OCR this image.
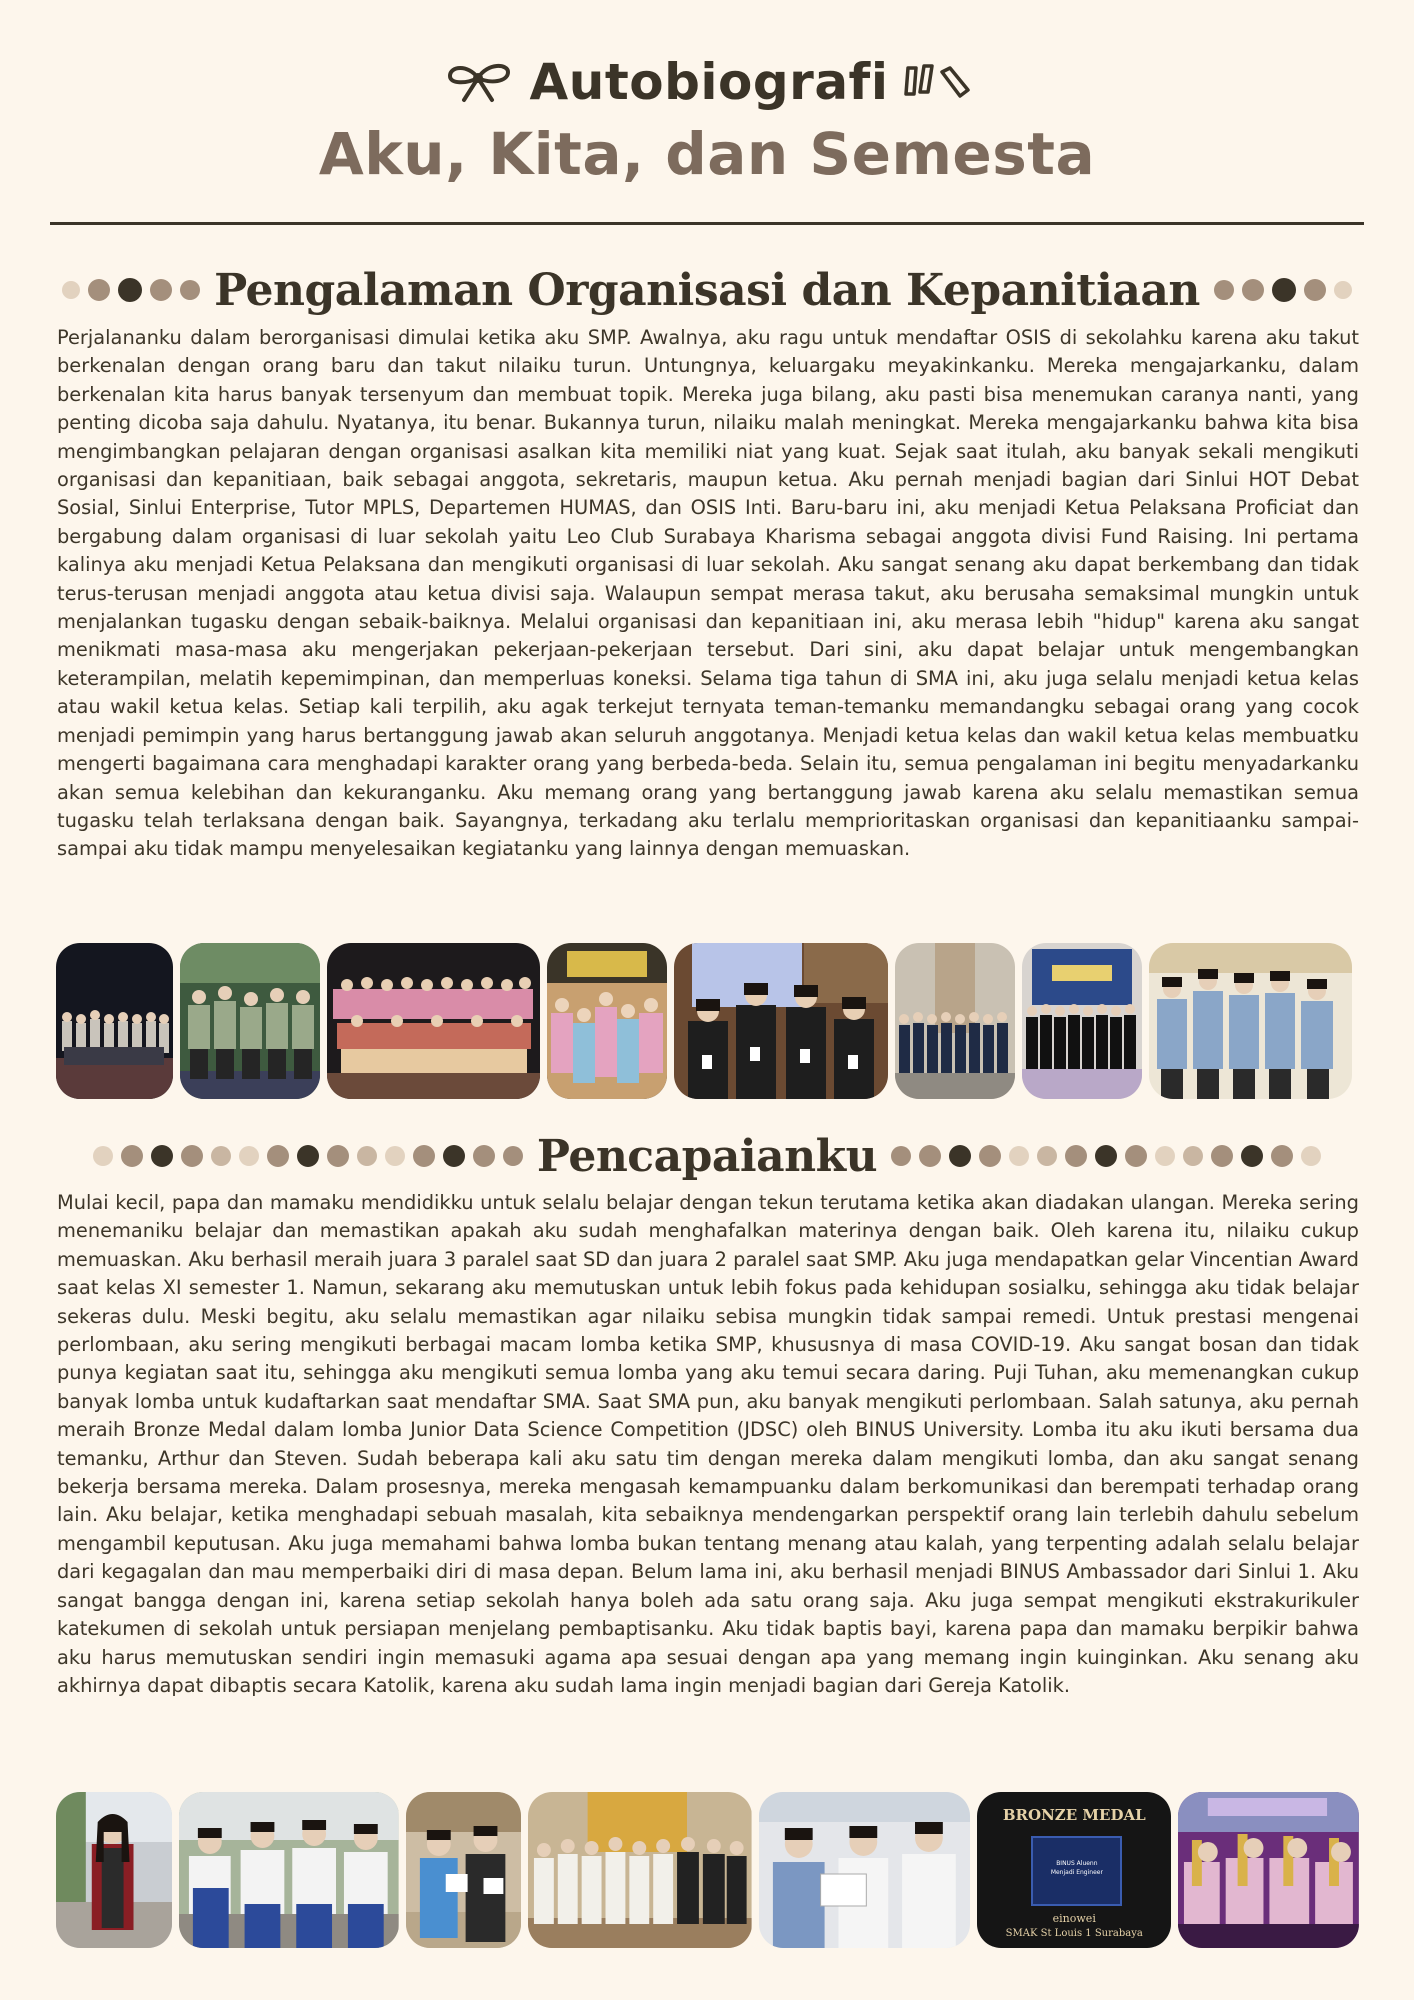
Autobiografi
Aku, Kita, dan Semesta
Pengalaman Organisasi dan Kepanitiaan

Perjalananku dalam berorganisasi dimulai ketika aku SMP. Awalnya, aku ragu untuk mendaftar OSIS di sekolahku karena aku takut berkenalan dengan orang baru dan takut nilaiku turun. Untungnya, keluargaku meyakinkanku. Mereka mengajarkanku, dalam berkenalan kita harus banyak tersenyum dan membuat topik. Mereka juga bilang, aku pasti bisa menemukan caranya nanti, yang penting dicoba saja dahulu. Nyatanya, itu benar. Bukannya turun, nilaiku malah meningkat. Mereka mengajarkanku bahwa kita bisa mengimbangkan pelajaran dengan organisasi asalkan kita memiliki niat yang kuat. Sejak saat itulah, aku banyak sekali mengikuti organisasi dan kepanitiaan, baik sebagai anggota, sekretaris, maupun ketua. Aku pernah menjadi bagian dari Sinlui HOT Debat Sosial, Sinlui Enterprise, Tutor MPLS, Departemen HUMAS, dan OSIS Inti. Baru-baru ini, aku menjadi Ketua Pelaksana Proficiat dan bergabung dalam organisasi di luar sekolah yaitu Leo Club Surabaya Kharisma sebagai anggota divisi Fund Raising. Ini pertama kalinya aku menjadi Ketua Pelaksana dan mengikuti organisasi di luar sekolah. Aku sangat senang aku dapat berkembang dan tidak terus-terusan menjadi anggota atau ketua divisi saja. Walaupun sempat merasa takut, aku berusaha semaksimal mungkin untuk menjalankan tugasku dengan sebaik-baiknya. Melalui organisasi dan kepanitiaan ini, aku merasa lebih "hidup" karena aku sangat menikmati masa-masa aku mengerjakan pekerjaan-pekerjaan tersebut. Dari sini, aku dapat belajar untuk mengembangkan keterampilan, melatih kepemimpinan, dan memperluas koneksi. Selama tiga tahun di SMA ini, aku juga selalu menjadi ketua kelas atau wakil ketua kelas. Setiap kali terpilih, aku agak terkejut ternyata teman-temanku memandangku sebagai orang yang cocok menjadi pemimpin yang harus bertanggung jawab akan seluruh anggotanya. Menjadi ketua kelas dan wakil ketua kelas membuatku mengerti bagaimana cara menghadapi karakter orang yang berbeda-beda. Selain itu, semua pengalaman ini begitu menyadarkanku akan semua kelebihan dan kekuranganku. Aku memang orang yang bertanggung jawab karena aku selalu memastikan semua tugasku telah terlaksana dengan baik. Sayangnya, terkadang aku terlalu memprioritaskan organisasi dan kepanitiaanku sampai-sampai aku tidak mampu menyelesaikan kegiatanku yang lainnya dengan memuaskan.

Pencapaianku

Mulai kecil, papa dan mamaku mendidikku untuk selalu belajar dengan tekun terutama ketika akan diadakan ulangan. Mereka sering menemaniku belajar dan memastikan apakah aku sudah menghafalkan materinya dengan baik. Oleh karena itu, nilaiku cukup memuaskan. Aku berhasil meraih juara 3 paralel saat SD dan juara 2 paralel saat SMP. Aku juga mendapatkan gelar Vincentian Award saat kelas XI semester 1. Namun, sekarang aku memutuskan untuk lebih fokus pada kehidupan sosialku, sehingga aku tidak belajar sekeras dulu. Meski begitu, aku selalu memastikan agar nilaiku sebisa mungkin tidak sampai remedi. Untuk prestasi mengenai perlombaan, aku sering mengikuti berbagai macam lomba ketika SMP, khususnya di masa COVID-19. Aku sangat bosan dan tidak punya kegiatan saat itu, sehingga aku mengikuti semua lomba yang aku temui secara daring. Puji Tuhan, aku memenangkan cukup banyak lomba untuk kudaftarkan saat mendaftar SMA. Saat SMA pun, aku banyak mengikuti perlombaan. Salah satunya, aku pernah meraih Bronze Medal dalam lomba Junior Data Science Competition (JDSC) oleh BINUS University. Lomba itu aku ikuti bersama dua temanku, Arthur dan Steven. Sudah beberapa kali aku satu tim dengan mereka dalam mengikuti lomba, dan aku sangat senang bekerja bersama mereka. Dalam prosesnya, mereka mengasah kemampuanku dalam berkomunikasi dan berempati terhadap orang lain. Aku belajar, ketika menghadapi sebuah masalah, kita sebaiknya mendengarkan perspektif orang lain terlebih dahulu sebelum mengambil keputusan. Aku juga memahami bahwa lomba bukan tentang menang atau kalah, yang terpenting adalah selalu belajar dari kegagalan dan mau memperbaiki diri di masa depan. Belum lama ini, aku berhasil menjadi BINUS Ambassador dari Sinlui 1. Aku sangat bangga dengan ini, karena setiap sekolah hanya boleh ada satu orang saja. Aku juga sempat mengikuti ekstrakurikuler katekumen di sekolah untuk persiapan menjelang pembaptisanku. Aku tidak baptis bayi, karena papa dan mamaku berpikir bahwa aku harus memutuskan sendiri ingin memasuki agama apa sesuai dengan apa yang memang ingin kuinginkan. Aku senang aku akhirnya dapat dibaptis secara Katolik, karena aku sudah lama ingin menjadi bagian dari Gereja Katolik.

BRONZE MEDAL
BINUS Aluenn
Menjadi Engineer
einowei
SMAK St Louis 1 Surabaya
